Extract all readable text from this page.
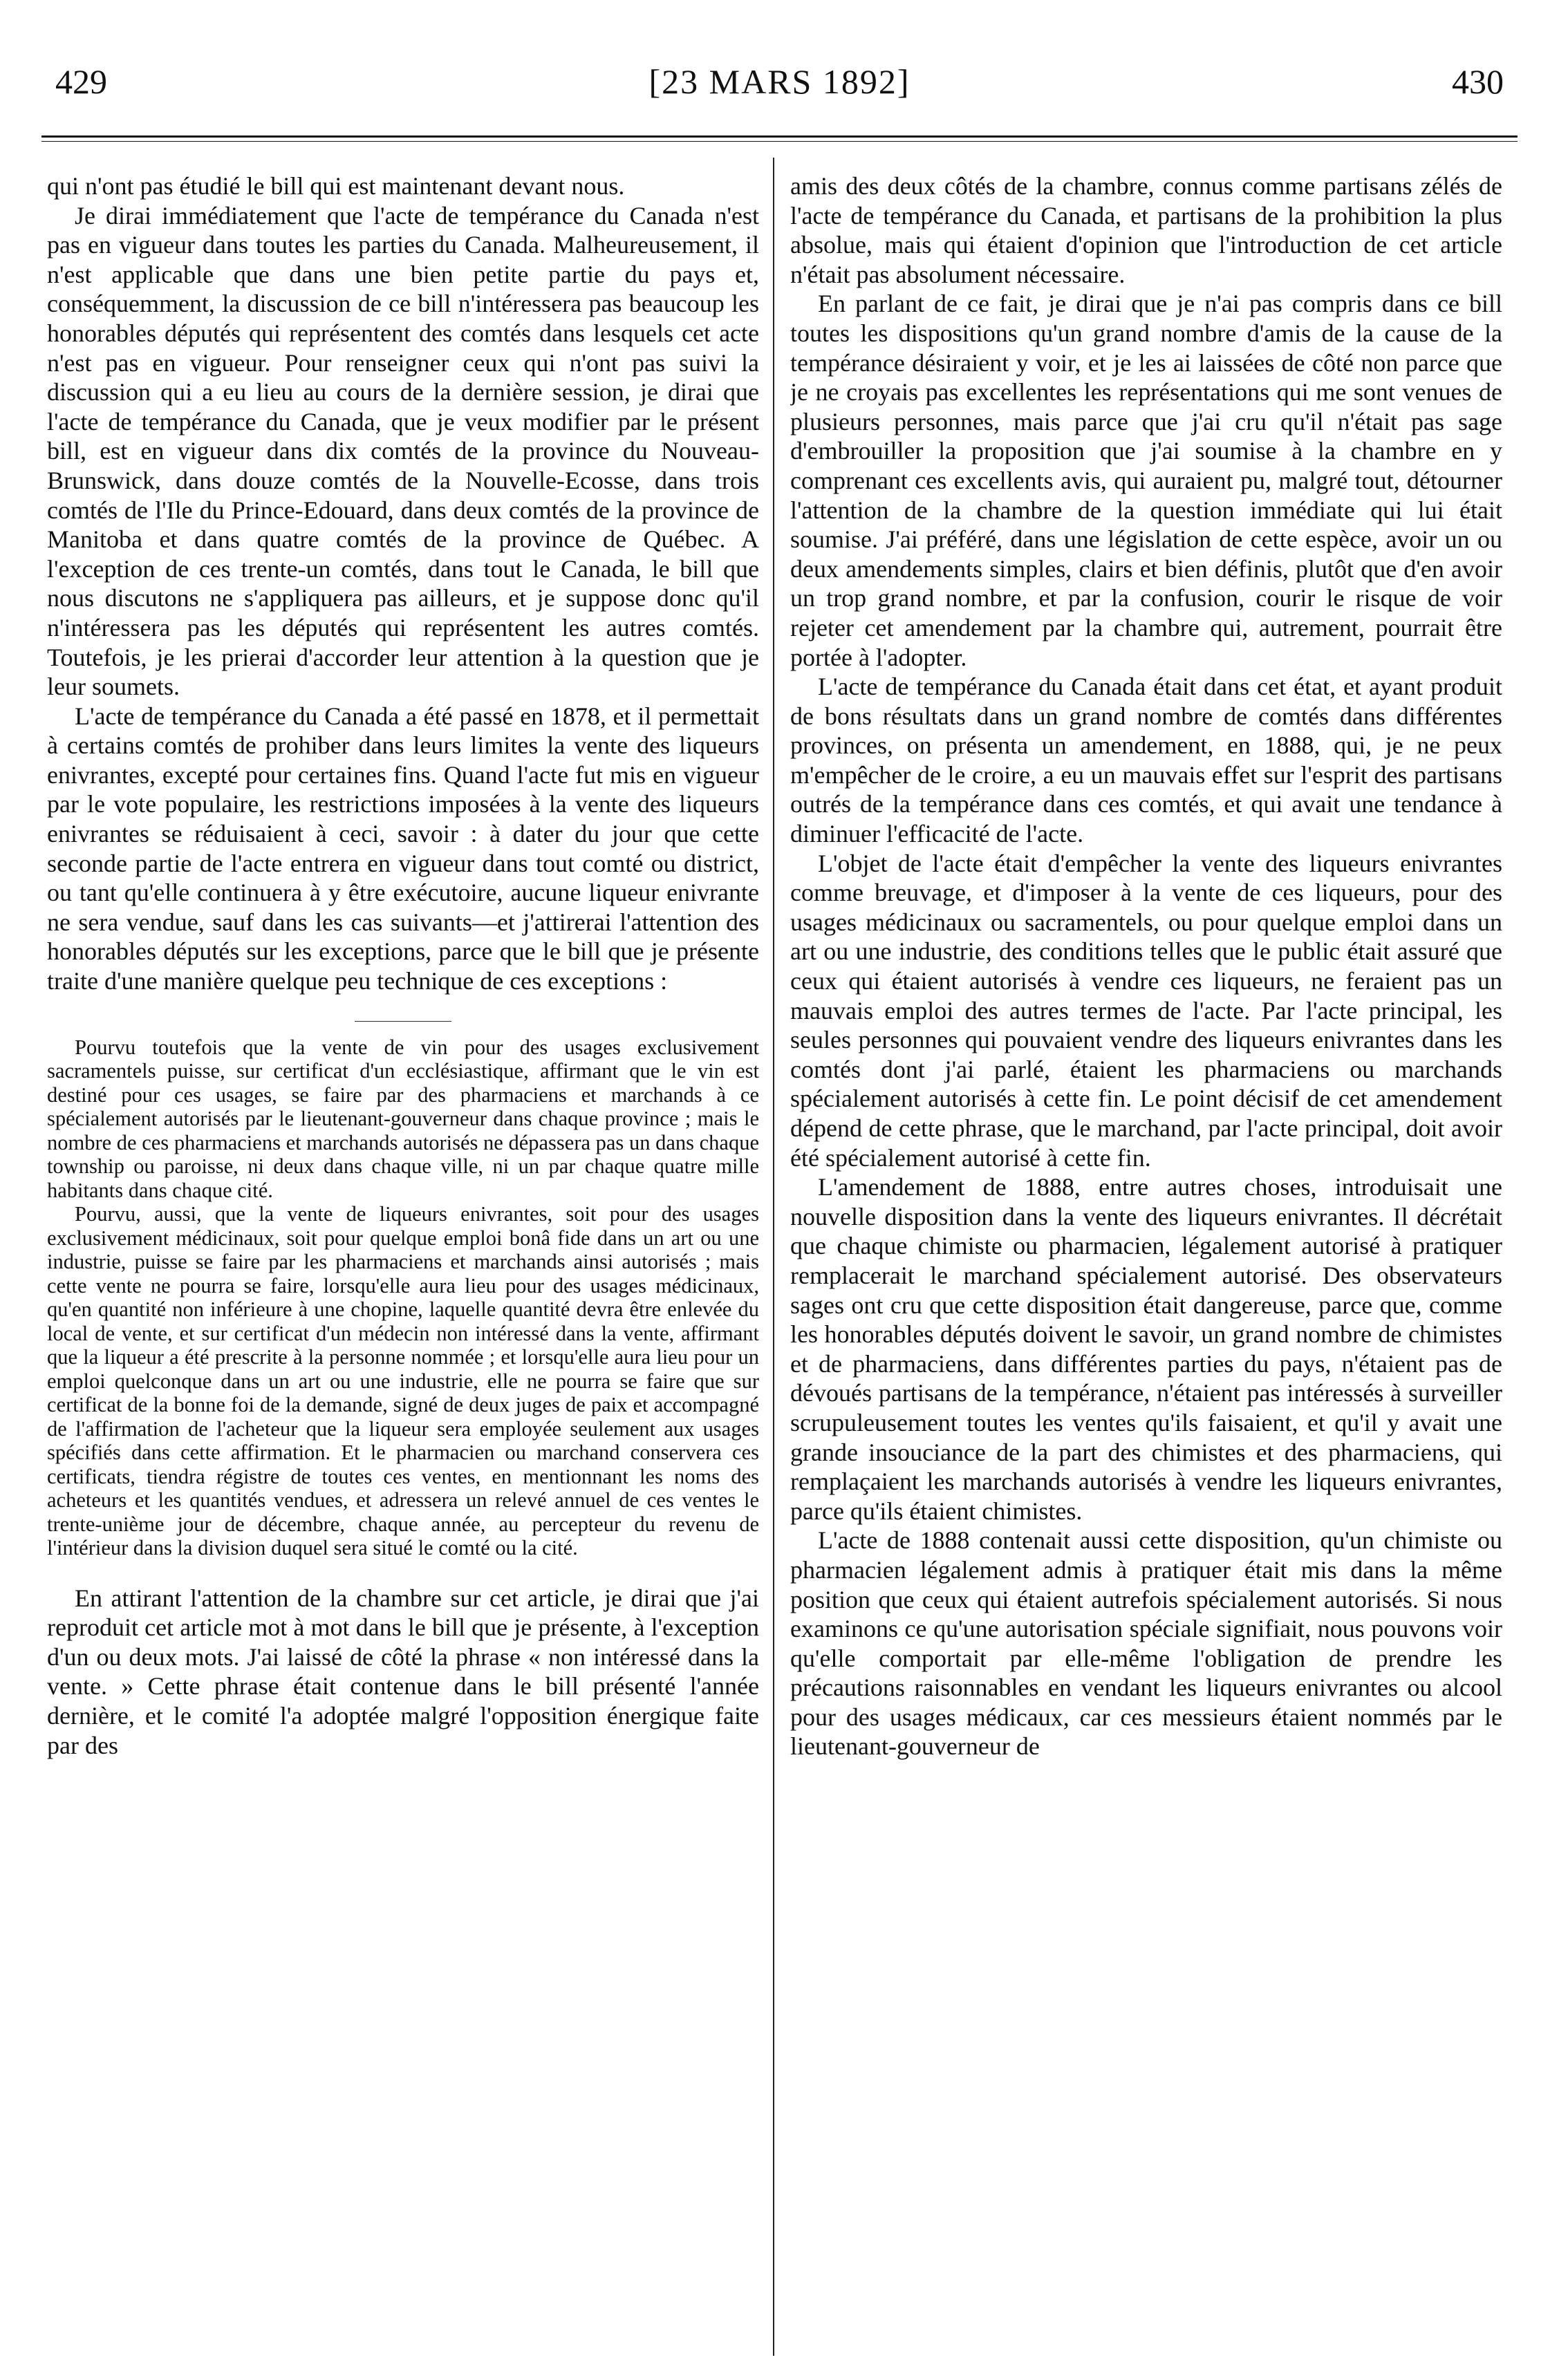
429	[23 MARS 1892]	430

qui n'ont pas étudié le bill qui est maintenant devant nous.

Je dirai immédiatement que l'acte de tempérance du Canada n'est pas en vigueur dans toutes les parties du Canada. Malheureusement, il n'est applicable que dans une bien petite partie du pays et, conséquemment, la discussion de ce bill n'intéressera pas beaucoup les honorables députés qui représentent des comtés dans lesquels cet acte n'est pas en vigueur. Pour renseigner ceux qui n'ont pas suivi la discussion qui a eu lieu au cours de la dernière session, je dirai que l'acte de tempérance du Canada, que je veux modifier par le présent bill, est en vigueur dans dix comtés de la province du Nouveau-Brunswick, dans douze comtés de la Nouvelle-Ecosse, dans trois comtés de l'Ile du Prince-Edouard, dans deux comtés de la province de Manitoba et dans quatre comtés de la province de Québec. A l'exception de ces trente-un comtés, dans tout le Canada, le bill que nous discutons ne s'appliquera pas ailleurs, et je suppose donc qu'il n'intéressera pas les députés qui représentent les autres comtés. Toutefois, je les prierai d'accorder leur attention à la question que je leur soumets.

L'acte de tempérance du Canada a été passé en 1878, et il permettait à certains comtés de prohiber dans leurs limites la vente des liqueurs enivrantes, excepté pour certaines fins. Quand l'acte fut mis en vigueur par le vote populaire, les restrictions imposées à la vente des liqueurs enivrantes se réduisaient à ceci, savoir : à dater du jour que cette seconde partie de l'acte entrera en vigueur dans tout comté ou district, ou tant qu'elle continuera à y être exécutoire, aucune liqueur enivrante ne sera vendue, sauf dans les cas suivants—et j'attirerai l'attention des honorables députés sur les exceptions, parce que le bill que je présente traite d'une manière quelque peu technique de ces exceptions :

Pourvu toutefois que la vente de vin pour des usages exclusivement sacramentels puisse, sur certificat d'un ecclésiastique, affirmant que le vin est destiné pour ces usages, se faire par des pharmaciens et marchands à ce spécialement autorisés par le lieutenant-gouverneur dans chaque province ; mais le nombre de ces pharmaciens et marchands autorisés ne dépassera pas un dans chaque township ou paroisse, ni deux dans chaque ville, ni un par chaque quatre mille habitants dans chaque cité.

Pourvu, aussi, que la vente de liqueurs enivrantes, soit pour des usages exclusivement médicinaux, soit pour quelque emploi bonâ fide dans un art ou une industrie, puisse se faire par les pharmaciens et marchands ainsi autorisés ; mais cette vente ne pourra se faire, lorsqu'elle aura lieu pour des usages médicinaux, qu'en quantité non inférieure à une chopine, laquelle quantité devra être enlevée du local de vente, et sur certificat d'un médecin non intéressé dans la vente, affirmant que la liqueur a été prescrite à la personne nommée ; et lorsqu'elle aura lieu pour un emploi quelconque dans un art ou une industrie, elle ne pourra se faire que sur certificat de la bonne foi de la demande, signé de deux juges de paix et accompagné de l'affirmation de l'acheteur que la liqueur sera employée seulement aux usages spécifiés dans cette affirmation. Et le pharmacien ou marchand conservera ces certificats, tiendra régistre de toutes ces ventes, en mentionnant les noms des acheteurs et les quantités vendues, et adressera un relevé annuel de ces ventes le trente-unième jour de décembre, chaque année, au percepteur du revenu de l'intérieur dans la division duquel sera situé le comté ou la cité.

En attirant l'attention de la chambre sur cet article, je dirai que j'ai reproduit cet article mot à mot dans le bill que je présente, à l'exception d'un ou deux mots. J'ai laissé de côté la phrase « non intéressé dans la vente. » Cette phrase était contenue dans le bill présenté l'année dernière, et le comité l'a adoptée malgré l'opposition énergique faite par des

amis des deux côtés de la chambre, connus comme partisans zélés de l'acte de tempérance du Canada, et partisans de la prohibition la plus absolue, mais qui étaient d'opinion que l'introduction de cet article n'était pas absolument nécessaire.

En parlant de ce fait, je dirai que je n'ai pas compris dans ce bill toutes les dispositions qu'un grand nombre d'amis de la cause de la tempérance désiraient y voir, et je les ai laissées de côté non parce que je ne croyais pas excellentes les représentations qui me sont venues de plusieurs personnes, mais parce que j'ai cru qu'il n'était pas sage d'embrouiller la proposition que j'ai soumise à la chambre en y comprenant ces excellents avis, qui auraient pu, malgré tout, détourner l'attention de la chambre de la question immédiate qui lui était soumise. J'ai préféré, dans une législation de cette espèce, avoir un ou deux amendements simples, clairs et bien définis, plutôt que d'en avoir un trop grand nombre, et par la confusion, courir le risque de voir rejeter cet amendement par la chambre qui, autrement, pourrait être portée à l'adopter.

L'acte de tempérance du Canada était dans cet état, et ayant produit de bons résultats dans un grand nombre de comtés dans différentes provinces, on présenta un amendement, en 1888, qui, je ne peux m'empêcher de le croire, a eu un mauvais effet sur l'esprit des partisans outrés de la tempérance dans ces comtés, et qui avait une tendance à diminuer l'efficacité de l'acte.

L'objet de l'acte était d'empêcher la vente des liqueurs enivrantes comme breuvage, et d'imposer à la vente de ces liqueurs, pour des usages médicinaux ou sacramentels, ou pour quelque emploi dans un art ou une industrie, des conditions telles que le public était assuré que ceux qui étaient autorisés à vendre ces liqueurs, ne feraient pas un mauvais emploi des autres termes de l'acte. Par l'acte principal, les seules personnes qui pouvaient vendre des liqueurs enivrantes dans les comtés dont j'ai parlé, étaient les pharmaciens ou marchands spécialement autorisés à cette fin. Le point décisif de cet amendement dépend de cette phrase, que le marchand, par l'acte principal, doit avoir été spécialement autorisé à cette fin.

L'amendement de 1888, entre autres choses, introduisait une nouvelle disposition dans la vente des liqueurs enivrantes. Il décrétait que chaque chimiste ou pharmacien, légalement autorisé à pratiquer remplacerait le marchand spécialement autorisé. Des observateurs sages ont cru que cette disposition était dangereuse, parce que, comme les honorables députés doivent le savoir, un grand nombre de chimistes et de pharmaciens, dans différentes parties du pays, n'étaient pas de dévoués partisans de la tempérance, n'étaient pas intéressés à surveiller scrupuleusement toutes les ventes qu'ils faisaient, et qu'il y avait une grande insouciance de la part des chimistes et des pharmaciens, qui remplaçaient les marchands autorisés à vendre les liqueurs enivrantes, parce qu'ils étaient chimistes.

L'acte de 1888 contenait aussi cette disposition, qu'un chimiste ou pharmacien légalement admis à pratiquer était mis dans la même position que ceux qui étaient autrefois spécialement autorisés. Si nous examinons ce qu'une autorisation spéciale signifiait, nous pouvons voir qu'elle comportait par elle-même l'obligation de prendre les précautions raisonnables en vendant les liqueurs enivrantes ou alcool pour des usages médicaux, car ces messieurs étaient nommés par le lieutenant-gouverneur de
